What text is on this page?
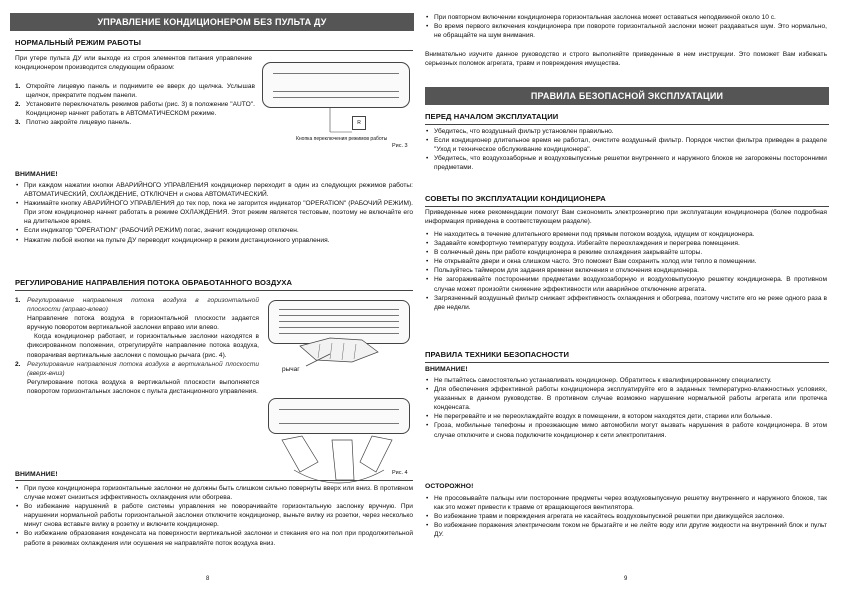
УПРАВЛЕНИЕ КОНДИЦИОНЕРОМ БЕЗ ПУЛЬТА ДУ
НОРМАЛЬНЫЙ РЕЖИМ РАБОТЫ
При утере пульта ДУ или выходе из строя элементов питания управление кондиционером производится следующим образом:
1. Откройте лицевую панель и поднимите ее вверх до щелчка. Услышав щелчок, прекратите подъем панели.
2. Установите переключатель режимов работы (рис. 3) в положение "AUTO". Кондиционер начнет работать в АВТОМАТИЧЕСКОМ режиме.
3. Плотно закройте лицевую панель.	R
Кнопка переключения режимов работы
Рис. 3
ВНИМАНИЕ!
• При каждом нажатии кнопки АВАРИЙНОГО УПРАВЛЕНИЯ кондиционер переходит в один из следующих режимов работы: АВТОМАТИЧЕСКИЙ, ОХЛАЖДЕНИЕ, ОТКЛЮЧЕН и снова АВТОМАТИЧЕСКИЙ.
• Нажимайте кнопку АВАРИЙНОГО УПРАВЛЕНИЯ до тех пор, пока не загорится индикатор "OPERATION" (РАБОЧИЙ РЕЖИМ). При этом кондиционер начнет работать в режиме ОХЛАЖДЕНИЯ. Этот режим является тестовым, поэтому не включайте его на длительное время.
• Если индикатор "OPERATION" (РАБОЧИЙ РЕЖИМ) погас, значит кондиционер отключен.
• Нажатие любой кнопки на пульте ДУ переводит кондиционер в режим дистанционного управления.
РЕГУЛИРОВАНИЕ НАПРАВЛЕНИЯ ПОТОКА ОБРАБОТАННОГО ВОЗДУХА
1. Регулирование направления потока воздуха в горизонтальной плоскости (вправо-влево)

Направление потока воздуха в горизонтальной плоскости задается вручную поворотом вертикальной заслонки вправо или влево.

Когда кондиционер работает, и горизонтальные заслонки находятся в фиксированном положении, отрегулируйте направление потока воздуха, поворачивая вертикальные заслонки с помощью рычага (рис. 4).

2. Регулирование направления потока воздуха в вертикальной плоскости (вверх-вниз)

Регулирование потока воздуха в вертикальной плоскости выполняется поворотом горизонтальных заслонок с пульта дистанционного управления.

рычаг
Рис. 4
ВНИМАНИЕ!
• При пуске кондиционера горизонтальные заслонки не должны быть слишком сильно повернуты вверх или вниз. В противном случае может снизиться эффективность охлаждения или обогрева.
• Во избежание нарушений в работе системы управления не поворачивайте горизонтальную заслонку вручную. При нарушении нормальной работы горизонтальной заслонки отключите кондиционер, выньте вилку из розетки, через несколько минут снова вставьте вилку в розетку и включите кондиционер.
• Во избежание образования конденсата на поверхности вертикальной заслонки и стекания его на пол при продолжительной работе в режимах охлаждения или осушения не направляйте поток воздуха вниз.
8
• При повторном включении кондиционера горизонтальная заслонка может оставаться неподвижной около 10 с.
• Во время первого включения кондиционера при повороте горизонтальной заслонки может раздаваться шум. Это нормально, не обращайте на шум внимания.
Внимательно изучите данное руководство и строго выполняйте приведенные в нем инструкции. Это поможет Вам избежать серьезных поломок агрегата, травм и повреждения имущества.
ПРАВИЛА БЕЗОПАСНОЙ ЭКСПЛУАТАЦИИ
ПЕРЕД НАЧАЛОМ ЭКСПЛУАТАЦИИ
• Убедитесь, что воздушный фильтр установлен правильно.
• Если кондиционер длительное время не работал, очистите воздушный фильтр. Порядок чистки фильтра приведен в разделе "Уход и техническое обслуживание кондиционера".
• Убедитесь, что воздухозаборные и воздуховыпускные решетки внутреннего и наружного блоков не загорожены посторонними предметами.
СОВЕТЫ ПО ЭКСПЛУАТАЦИИ КОНДИЦИОНЕРА
Приведенные ниже рекомендации помогут Вам сэкономить электроэнергию при эксплуатации кондиционера (более подробная информация приведена в соответствующем разделе).
• Не находитесь в течение длительного времени под прямым потоком воздуха, идущим от кондиционера.
• Задавайте комфортную температуру воздуха. Избегайте переохлаждения и перегрева помещения.
• В солнечный день при работе кондиционера в режиме охлаждения закрывайте шторы.
• Не открывайте двери и окна слишком часто. Это поможет Вам сохранить холод или тепло в помещении.
• Пользуйтесь таймером для задания времени включения и отключения кондиционера.
• Не загораживайте посторонними предметами воздухозаборную и воздуховыпускную решетку кондиционера. В противном случае может произойти снижение эффективности или аварийное отключение агрегата.
• Загрязненный воздушный фильтр снижает эффективность охлаждения и обогрева, поэтому чистите его не реже одного раза в две недели.
ПРАВИЛА ТЕХНИКИ БЕЗОПАСНОСТИ
ВНИМАНИЕ!
• Не пытайтесь самостоятельно устанавливать кондиционер. Обратитесь к квалифицированному специалисту.
• Для обеспечения эффективной работы кондиционера эксплуатируйте его в заданных температурно-влажностных условиях, указанных в данном руководстве. В противном случае возможно нарушение нормальной работы агрегата или протечка конденсата.
• Не перегревайте и не переохлаждайте воздух в помещении, в котором находятся дети, старики или больные.
• Гроза, мобильные телефоны и проезжающие мимо автомобили могут вызвать нарушения в работе кондиционера. В этом случае отключите и снова подключите кондиционер к сети электропитания.
ОСТОРОЖНО!
• Не просовывайте пальцы или посторонние предметы через воздуховыпускную решетку внутреннего и наружного блоков, так как это может привести к травме от вращающегося вентилятора.
• Во избежание травм и повреждения агрегата не касайтесь воздуховыпускной решетки при движущейся заслонке.
• Во избежание поражения электрическим током не брызгайте и не лейте воду или другие жидкости на внутренний блок и пульт ДУ.
9
